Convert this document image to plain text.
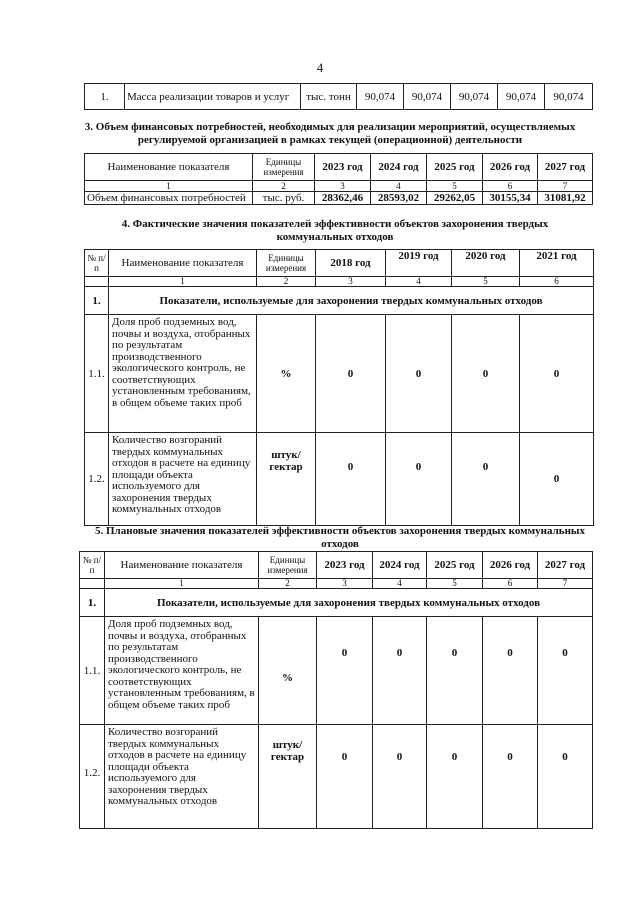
4
1.	Масса реализации товаров и услуг	тыс. тонн	90,074	90,074	90,074	90,074	90,074
3. Объем финансовых потребностей, необходимых для реализации мероприятий, осуществляемых
регулируемой организацией в рамках текущей (операционной) деятельности
Наименование показателя	Единицы измерения	2023 год	2024 год	2025 год	2026 год	2027 год
1	2	3	4	5	6	7
Объем финансовых потребностей	тыс. руб.	28362,46	28593,02	29262,05	30155,34	31081,92
4. Фактические значения показателей эффективности объектов захоронения твердых
коммунальных отходов
№ п/п	Наименование показателя	Единицы измерения	2018 год	2019 год	2020 год	2021 год
	1	2	3	4	5	6
1.	Показатели, используемые для захоронения твердых коммунальных отходов					
1.1.	Доля проб подземных вод, почвы и воздуха, отобранных по результатам производственного экологического контроль, не соответствующих установленным требованиям, в общем объеме таких проб	%	0	0	0	0
1.2.	Количество возгораний твердых коммунальных отходов в расчете на единицу площади объекта используемого для захоронения твердых коммунальных отходов	штук/ гектар	0	0	0	0
5. Плановые значения показателей эффективности объектов захоронения твердых коммунальных
отходов
№ п/п	Наименование показателя	Единицы измерения	2023 год	2024 год	2025 год	2026 год	2027 год
	1	2	3	4	5	6	7
1.	Показатели, используемые для захоронения твердых коммунальных отходов						
1.1.	Доля проб подземных вод, почвы и воздуха, отобранных по результатам производственного экологического контроль, не соответствующих установленным требованиям, в общем объеме таких проб	%	0	0	0	0	0
1.2.	Количество возгораний твердых коммунальных отходов в расчете на единицу площади объекта используемого для захоронения твердых коммунальных отходов	штук/ гектар	0	0	0	0	0
